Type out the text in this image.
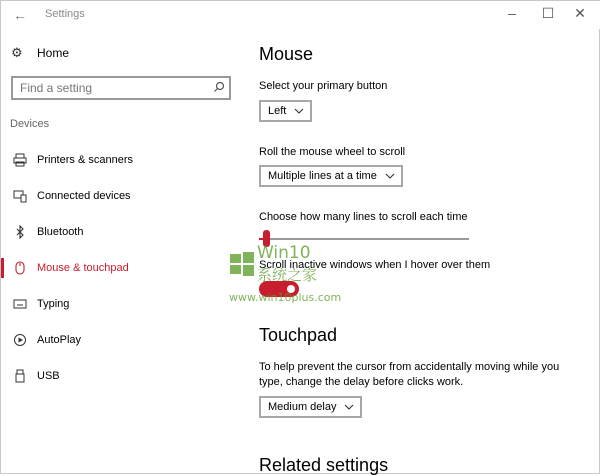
← Settings	–	☐	✕
⚙	Home
Find a setting
Devices
Printers & scanners
Connected devices
Bluetooth
Mouse & touchpad
Typing
AutoPlay
USB
Mouse
Select your primary button
Left
Roll the mouse wheel to scroll
Multiple lines at a time
Choose how many lines to scroll each time
Scroll inactive windows when I hover over them
Touchpad
To help prevent the cursor from accidentally moving while you type, change the delay before clicks work.
Medium delay
Related settings
Win10
系统之家
www.win10plus.com
